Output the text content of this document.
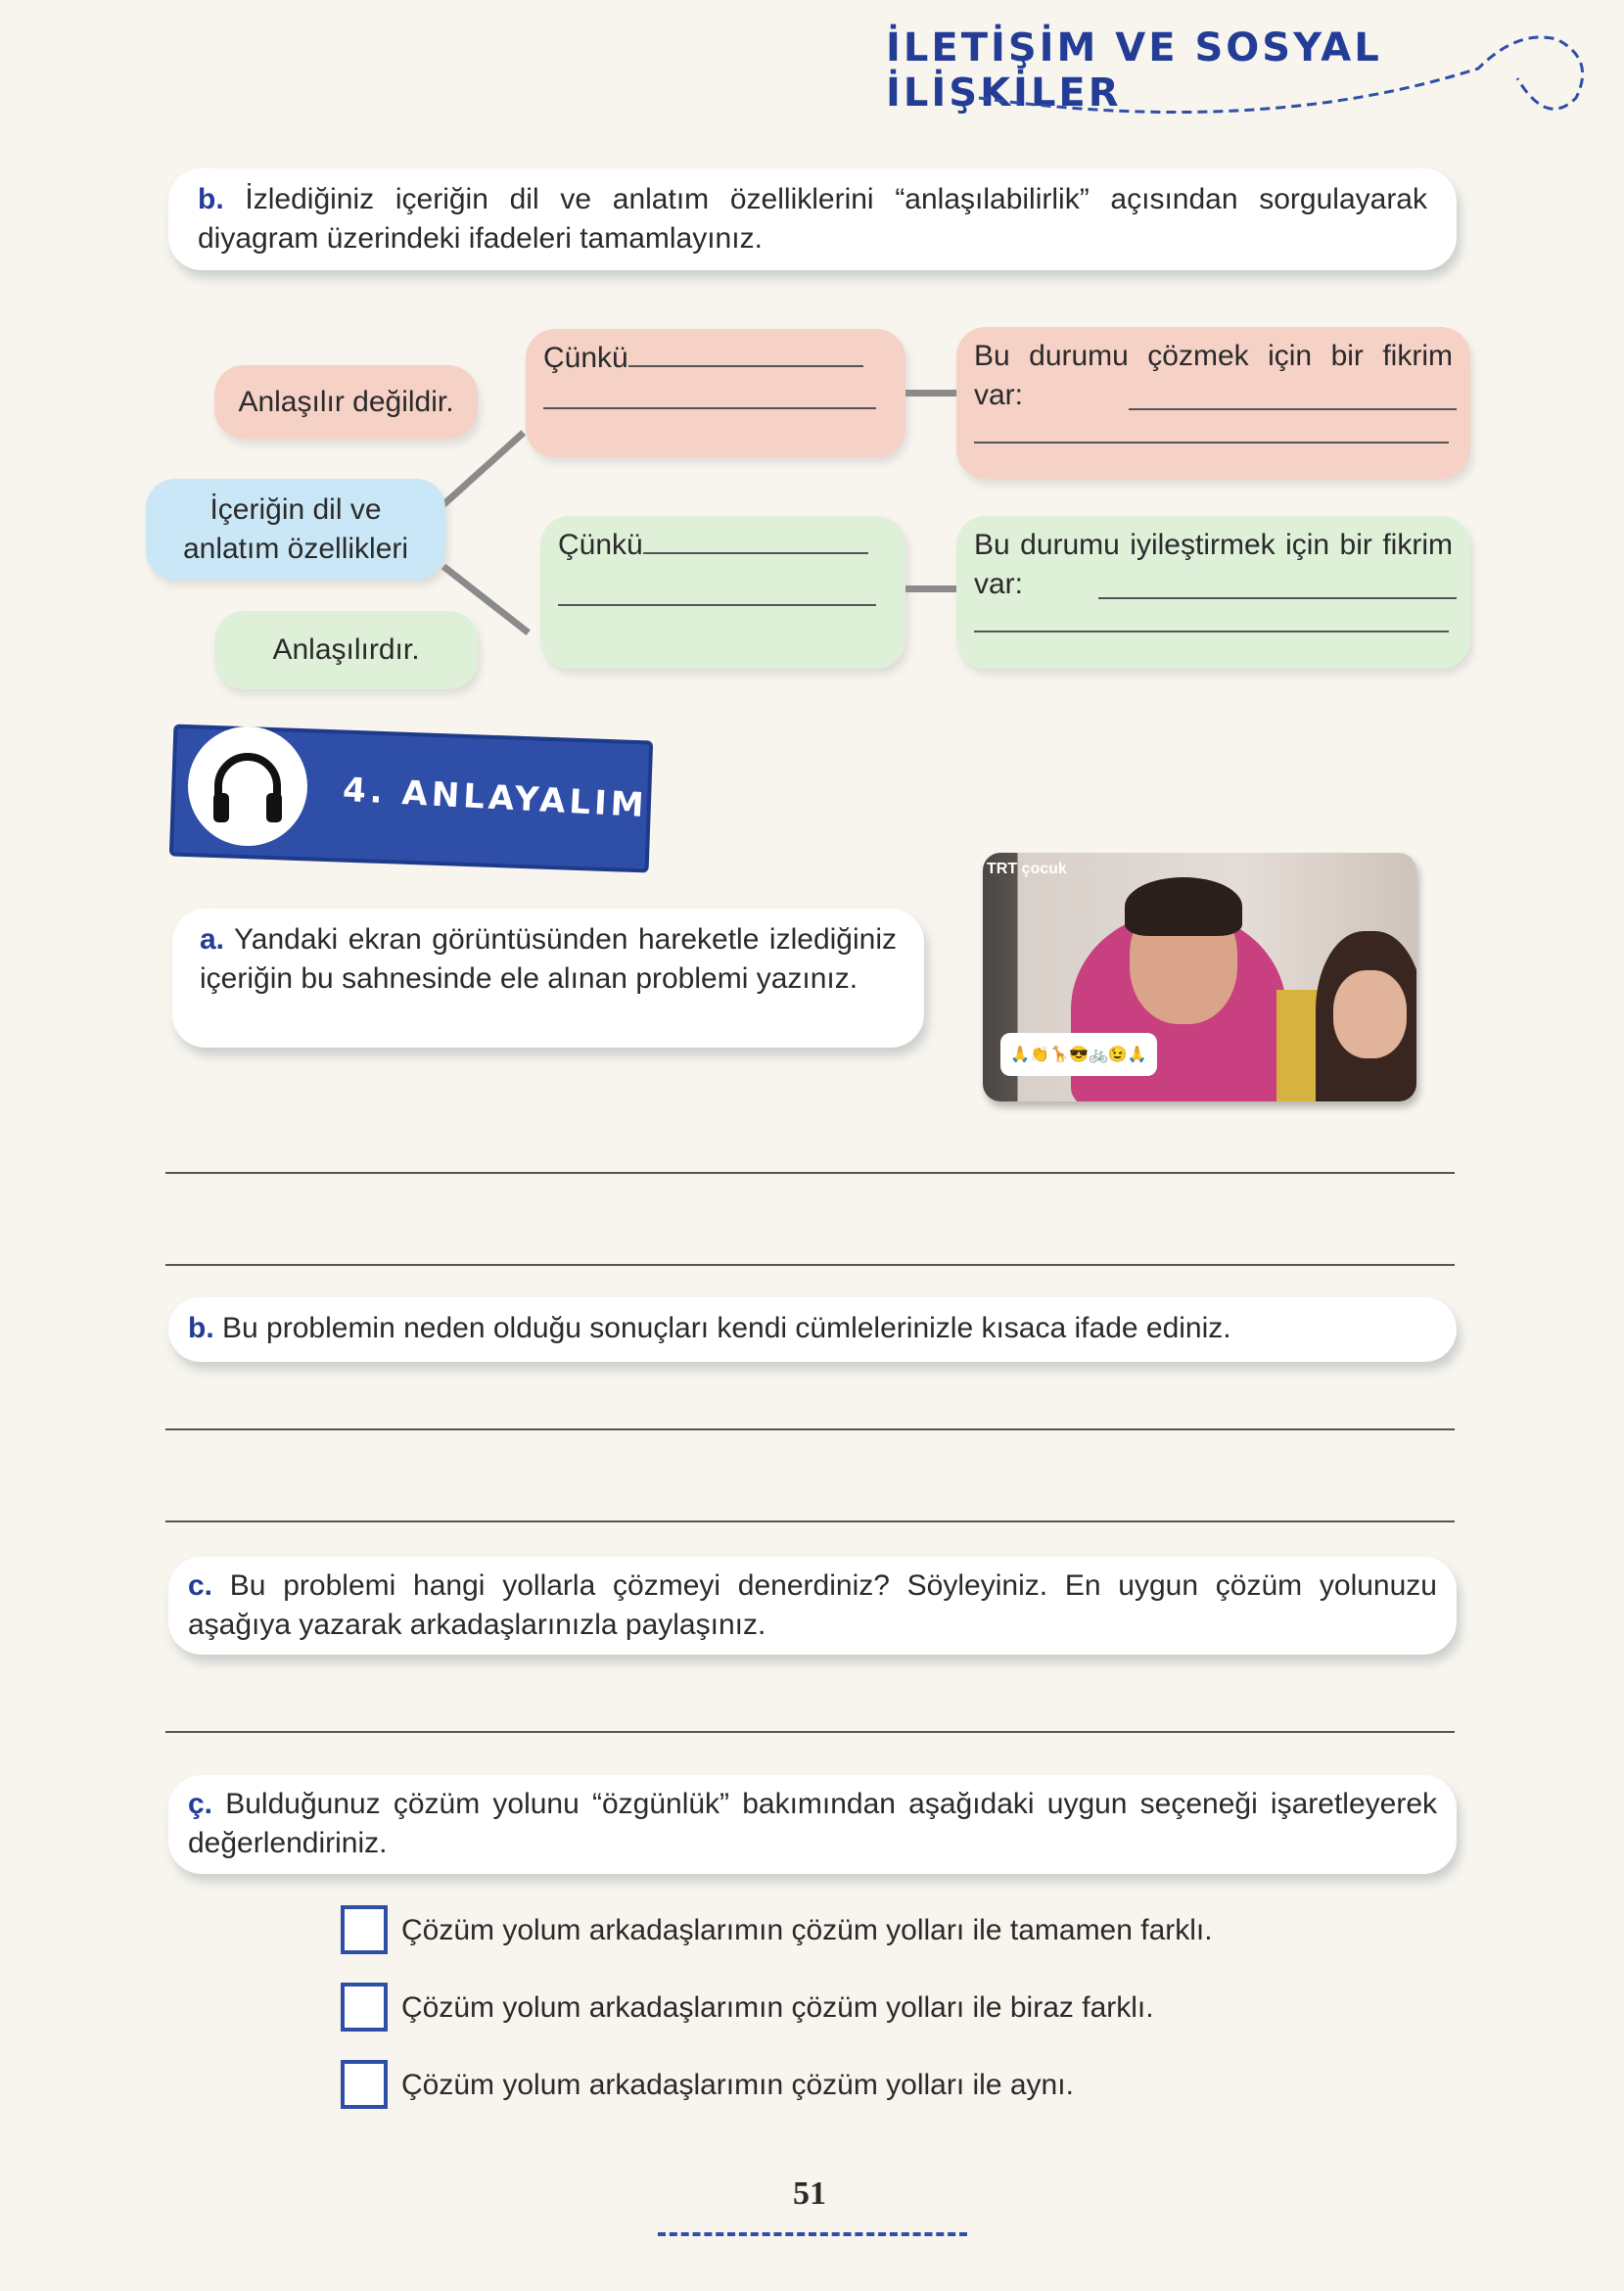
İLETİŞİM VE SOSYAL İLİŞKİLER
b. İzlediğiniz içeriğin dil ve anlatım özelliklerini “anlaşılabilirlik” açısından sorgulayarak diyagram üzerindeki ifadeleri tamamlayınız.
Anlaşılır değildir.
İçeriğin dil ve anlatım özellikleri
Anlaşılırdır.
Çünkü
Çünkü
Bu durumu çözmek için bir fikrim var:
Bu durumu iyileştirmek için bir fikrim var:
4. ANLAYALIM
a. Yandaki ekran görüntüsünden hareketle izlediğiniz içeriğin bu sahnesinde ele alınan problemi yazınız.
TRT çocuk
🙏👏🦒😎🚲😉🙏
b. Bu problemin neden olduğu sonuçları kendi cümlelerinizle kısaca ifade ediniz.
c. Bu problemi hangi yollarla çözmeyi denerdiniz? Söyleyiniz. En uygun çözüm yolunuzu aşağıya yazarak arkadaşlarınızla paylaşınız.
ç. Bulduğunuz çözüm yolunu “özgünlük” bakımından aşağıdaki uygun seçeneği işaretleyerek değerlendiriniz.
Çözüm yolum arkadaşlarımın çözüm yolları ile tamamen farklı.
Çözüm yolum arkadaşlarımın çözüm yolları ile biraz farklı.
Çözüm yolum arkadaşlarımın çözüm yolları ile aynı.
51
